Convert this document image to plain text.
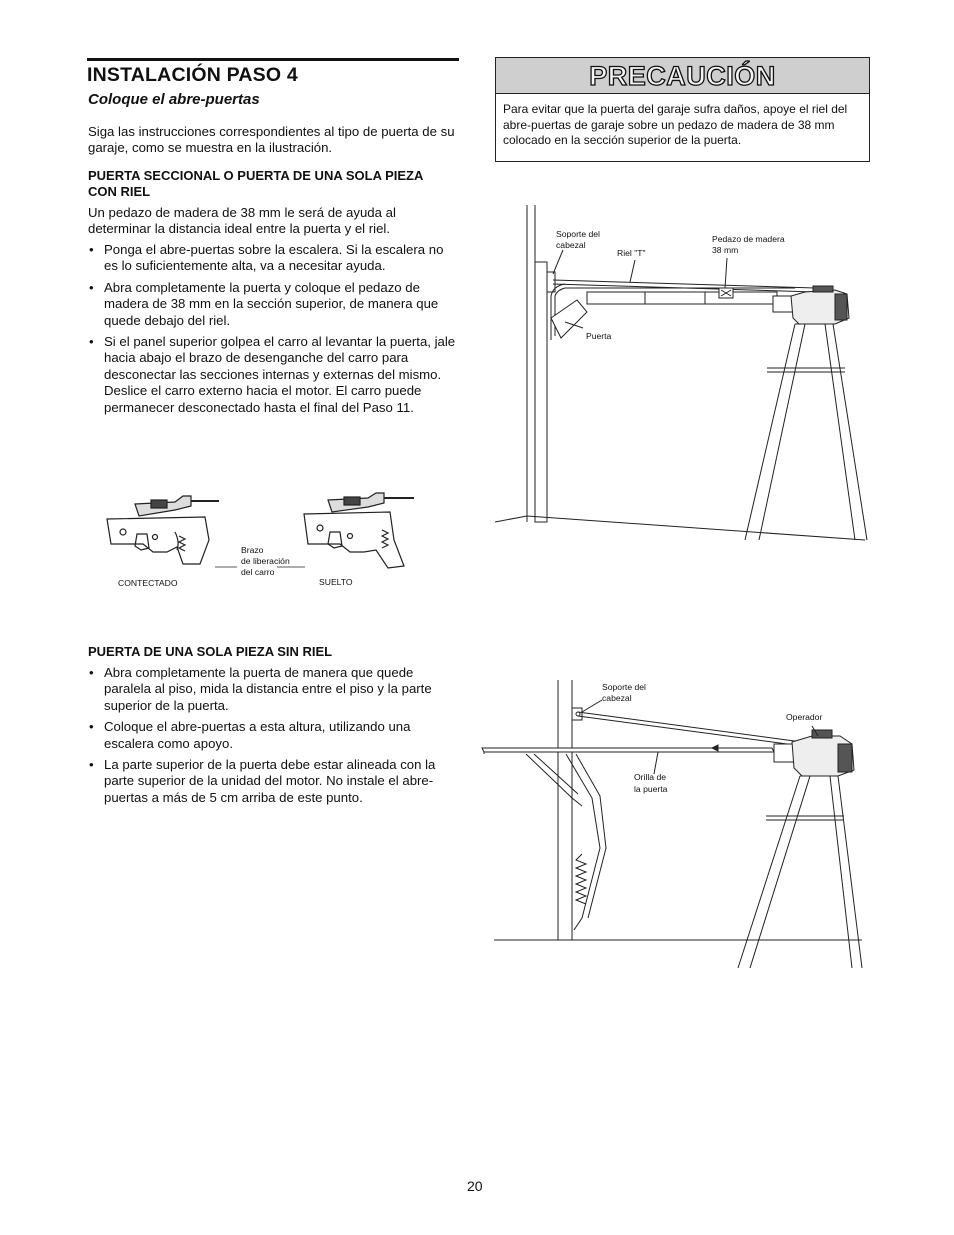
INSTALACIÓN PASO 4
Coloque el abre-puertas
Siga las instrucciones correspondientes al tipo de puerta de su garaje, como se muestra en la ilustración.
PUERTA SECCIONAL O PUERTA DE UNA SOLA PIEZA CON RIEL
Un pedazo de madera de 38 mm le será de ayuda al determinar la distancia ideal entre la puerta y el riel.
• Ponga el abre-puertas sobre la escalera. Si la escalera no es lo suficientemente alta, va a necesitar ayuda.
• Abra completamente la puerta y coloque el pedazo de madera de 38 mm en la sección superior, de manera que quede debajo del riel.
• Si el panel superior golpea el carro al levantar la puerta, jale hacia abajo el brazo de desenganche del carro para desconectar las secciones internas y externas del mismo. Deslice el carro externo hacia el motor. El carro puede permanecer desconectado hasta el final del Paso 11.
CONTECTADO
Brazo
de liberación
del carro
SUELTO
PUERTA DE UNA SOLA PIEZA SIN RIEL
• Abra completamente la puerta de manera que quede paralela al piso, mida la distancia entre el piso y la parte superior de la puerta.
• Coloque el abre-puertas a esta altura, utilizando una escalera como apoyo.
• La parte superior de la puerta debe estar alineada con la parte superior de la unidad del motor. No instale el abre-puertas a más de 5 cm arriba de este punto.
PRECAUCIÓN
Para evitar que la puerta del garaje sufra daños, apoye el riel del abre-puertas de garaje sobre un pedazo de madera de 38 mm colocado en la sección superior de la puerta.
Soporte del
cabezal
Riel "T"
Pedazo de madera
38 mm
Puerta
Soporte del
cabezal
Operador
Orilla de
la puerta
20
